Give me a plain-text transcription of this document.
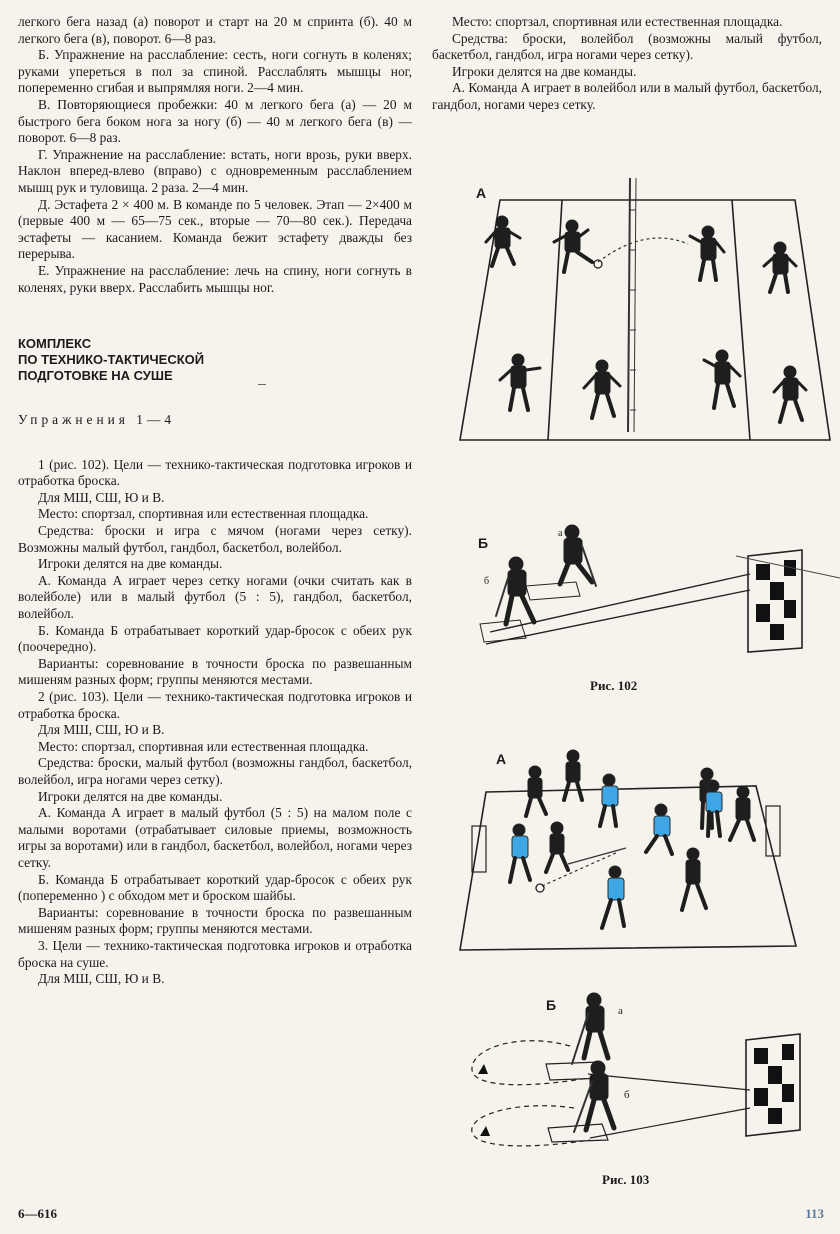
легкого бега назад (а) поворот и старт на 20 м спринта (б). 40 м легкого бега (в), поворот. 6—8 раз.

Б. Упражнение на расслабление: сесть, ноги согнуть в коленях; руками упереться в пол за спиной. Расслаблять мышцы ног, попеременно сгибая и выпрямляя ноги. 2—4 мин.

В. Повторяющиеся пробежки: 40 м легкого бега (а) — 20 м быстрого бега боком нога за ногу (б) — 40 м легкого бега (в) — поворот. 6—8 раз.

Г. Упражнение на расслабление: встать, ноги врозь, руки вверх. Наклон вперед-влево (вправо) с одновременным расслаблением мышц рук и туловища. 2 раза. 2—4 мин.

Д. Эстафета 2 × 400 м. В команде по 5 человек. Этап — 2×400 м (первые 400 м — 65—75 сек., вторые — 70—80 сек.). Передача эстафеты — касанием. Команда бежит эстафету дважды без перерыва.

Е. Упражнение на расслабление: лечь на спину, ноги согнуть в коленях, руки вверх. Расслабить мышцы ног.

КОМПЛЕКС

ПО ТЕХНИКО-ТАКТИЧЕСКОЙ

ПОДГОТОВКЕ НА СУШЕ

Упражнения 1—4

1 (рис. 102). Цели — технико-тактическая подготовка игроков и отработка броска.

Для МШ, СШ, Ю и В.

Место: спортзал, спортивная или естественная площадка.

Средства: броски и игра с мячом (ногами через сетку). Возможны малый футбол, гандбол, баскетбол, волейбол.

Игроки делятся на две команды.

А. Команда А играет через сетку ногами (очки считать как в волейболе) или в малый футбол (5 : 5), гандбол, баскетбол, волейбол.

Б. Команда Б отрабатывает короткий удар-бросок с обеих рук (поочередно).

Варианты: соревнование в точности броска по развешанным мишеням разных форм; группы меняются местами.

2 (рис. 103). Цели — технико-тактическая подготовка игроков и отработка броска.

Для МШ, СШ, Ю и В.

Место: спортзал, спортивная или естественная площадка.

Средства: броски, малый футбол (возможны гандбол, баскетбол, волейбол, игра ногами через сетку).

Игроки делятся на две команды.

А. Команда А играет в малый футбол (5 : 5) на малом поле с малыми воротами (отрабатывает силовые приемы, возможность игры за воротами) или в гандбол, баскетбол, волейбол, ногами через сетку.

Б. Команда Б отрабатывает короткий удар-бросок с обеих рук (попеременно ) с обходом мет и броском шайбы.

Варианты: соревнование в точности броска по развешанным мишеням разных форм; группы меняются местами.

3. Цели — технико-тактическая подготовка игроков и отработка броска на суше.

Для МШ, СШ, Ю и В.

Место: спортзал, спортивная или естественная площадка.

Средства: броски, волейбол (возможны малый футбол, баскетбол, гандбол, игра ногами через сетку).

Игроки делятся на две команды.

А. Команда А играет в волейбол или в малый футбол, баскетбол, гандбол, ногами через сетку.

А
Б
б
а
Рис. 102
А
Б	а
б
Рис. 103
6—616	113
